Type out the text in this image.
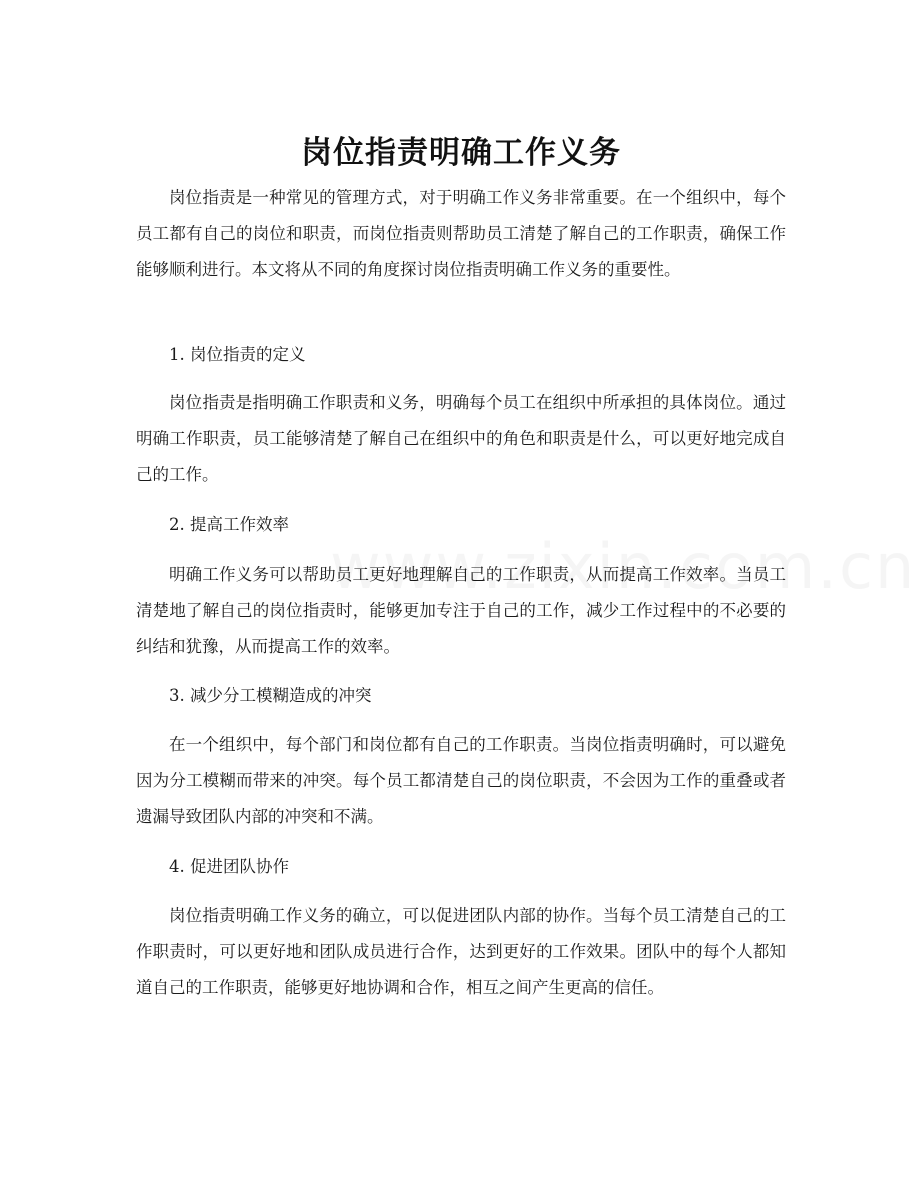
岗位指责明确工作义务

岗位指责是一种常见的管理方式，对于明确工作义务非常重要。在一个组织中，每个员工都有自己的岗位和职责，而岗位指责则帮助员工清楚了解自己的工作职责，确保工作能够顺利进行。本文将从不同的角度探讨岗位指责明确工作义务的重要性。

1. 岗位指责的定义

岗位指责是指明确工作职责和义务，明确每个员工在组织中所承担的具体岗位。通过明确工作职责，员工能够清楚了解自己在组织中的角色和职责是什么，可以更好地完成自己的工作。

2. 提高工作效率

明确工作义务可以帮助员工更好地理解自己的工作职责，从而提高工作效率。当员工清楚地了解自己的岗位指责时，能够更加专注于自己的工作，减少工作过程中的不必要的纠结和犹豫，从而提高工作的效率。

3. 减少分工模糊造成的冲突

在一个组织中，每个部门和岗位都有自己的工作职责。当岗位指责明确时，可以避免因为分工模糊而带来的冲突。每个员工都清楚自己的岗位职责，不会因为工作的重叠或者遗漏导致团队内部的冲突和不满。

4. 促进团队协作

岗位指责明确工作义务的确立，可以促进团队内部的协作。当每个员工清楚自己的工作职责时，可以更好地和团队成员进行合作，达到更好的工作效果。团队中的每个人都知道自己的工作职责，能够更好地协调和合作，相互之间产生更高的信任。
